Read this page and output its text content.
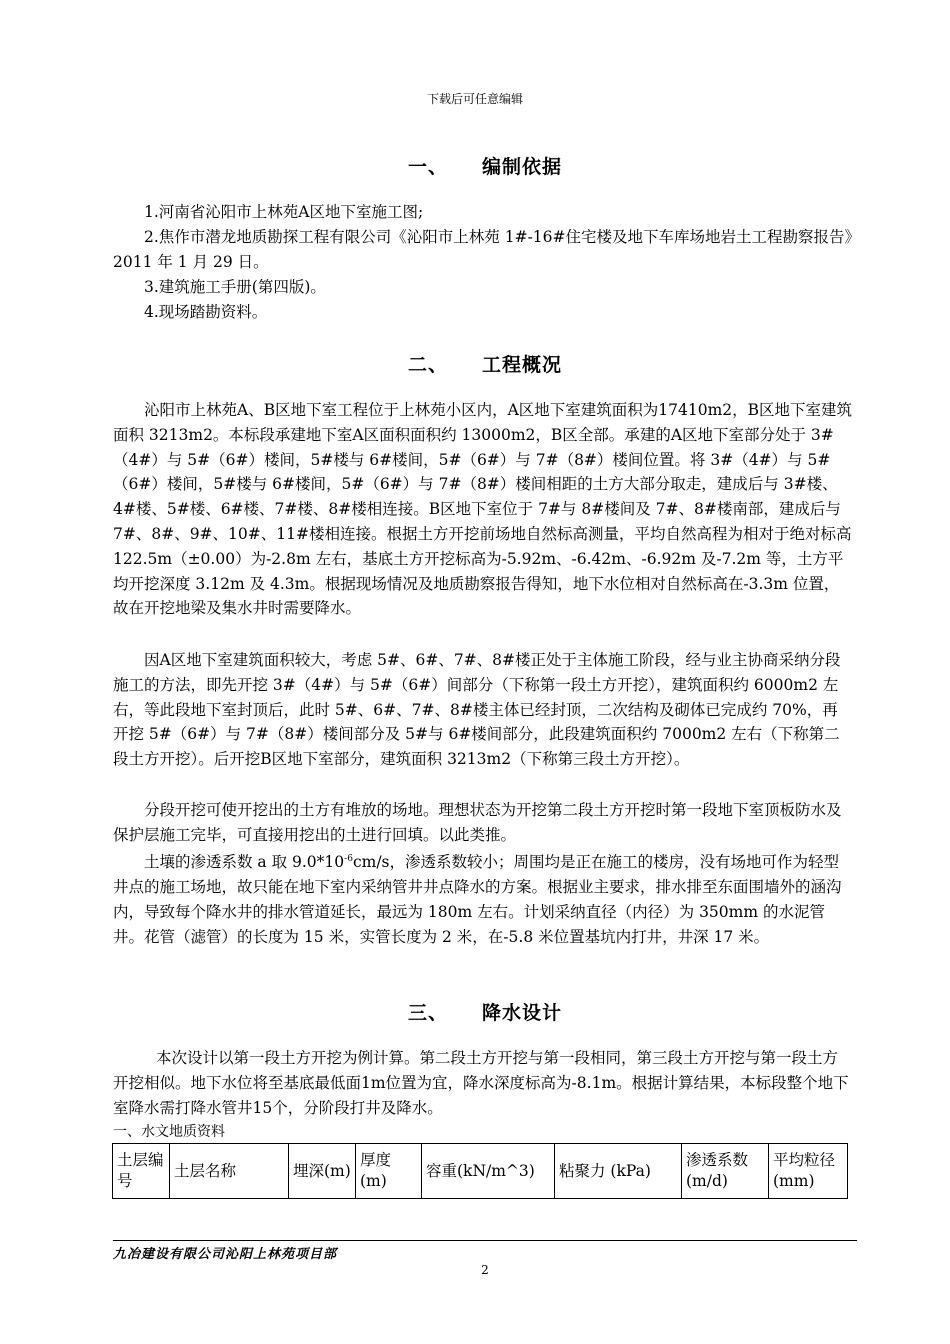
下载后可任意编辑
一、 编制依据

1.河南省沁阳市上林苑A区地下室施工图;

2.焦作市潜龙地质勘探工程有限公司《沁阳市上林苑 1#-16#住宅楼及地下车库场地岩土工程勘察报告》2011 年 1 月 29 日。

3.建筑施工手册(第四版)。

4.现场踏勘资料。

二、 工程概况

沁阳市上林苑A、B区地下室工程位于上林苑小区内，A区地下室建筑面积为17410m2，B区地下室建筑面积 3213m2。本标段承建地下室A区面积面积约 13000m2，B区全部。承建的A区地下室部分处于 3#（4#）与 5#（6#）楼间，5#楼与 6#楼间，5#（6#）与 7#（8#）楼间位置。将 3#（4#）与 5#（6#）楼间，5#楼与 6#楼间，5#（6#）与 7#（8#）楼间相距的土方大部分取走，建成后与 3#楼、4#楼、5#楼、6#楼、7#楼、8#楼相连接。B区地下室位于 7#与 8#楼间及 7#、8#楼南部，建成后与 7#、8#、9#、10#、11#楼相连接。根据土方开挖前场地自然标高测量，平均自然高程为相对于绝对标高 122.5m（±0.00）为-2.8m 左右，基底土方开挖标高为-5.92m、-6.42m、-6.92m 及-7.2m 等，土方平均开挖深度 3.12m 及 4.3m。根据现场情况及地质勘察报告得知，地下水位相对自然标高在-3.3m 位置，故在开挖地梁及集水井时需要降水。

因A区地下室建筑面积较大，考虑 5#、6#、7#、8#楼正处于主体施工阶段，经与业主协商采纳分段施工的方法，即先开挖 3#（4#）与 5#（6#）间部分（下称第一段土方开挖），建筑面积约 6000m2 左右，等此段地下室封顶后，此时 5#、6#、7#、8#楼主体已经封顶，二次结构及砌体已完成约 70%，再开挖 5#（6#）与 7#（8#）楼间部分及 5#与 6#楼间部分，此段建筑面积约 7000m2 左右（下称第二段土方开挖）。后开挖B区地下室部分，建筑面积 3213m2（下称第三段土方开挖）。

分段开挖可使开挖出的土方有堆放的场地。理想状态为开挖第二段土方开挖时第一段地下室顶板防水及保护层施工完毕，可直接用挖出的土进行回填。以此类推。

土壤的渗透系数 a 取 $9.0*10^{-6}cm/s$，渗透系数较小；周围均是正在施工的楼房，没有场地可作为轻型井点的施工场地，故只能在地下室内采纳管井井点降水的方案。根据业主要求，排水排至东面围墙外的涵沟内，导致每个降水井的排水管道延长，最远为 180m 左右。计划采纳直径（内径）为 350mm 的水泥管井。花管（滤管）的长度为 15 米，实管长度为 2 米，在-5.8 米位置基坑内打井，井深 17 米。

三、 降水设计

本次设计以第一段土方开挖为例计算。第二段土方开挖与第一段相同，第三段土方开挖与第一段土方开挖相似。地下水位将至基底最低面1m位置为宜，降水深度标高为-8.1m。根据计算结果，本标段整个地下室降水需打降水管井15个，分阶段打井及降水。

一、水文地质资料
土层编号	土层名称	埋深(m)	厚度(m)	容重(kN/m^3)	粘聚力 (kPa)	渗透系数(m/d)	平均粒径(mm)
九冶建设有限公司沁阳上林苑项目部
2
